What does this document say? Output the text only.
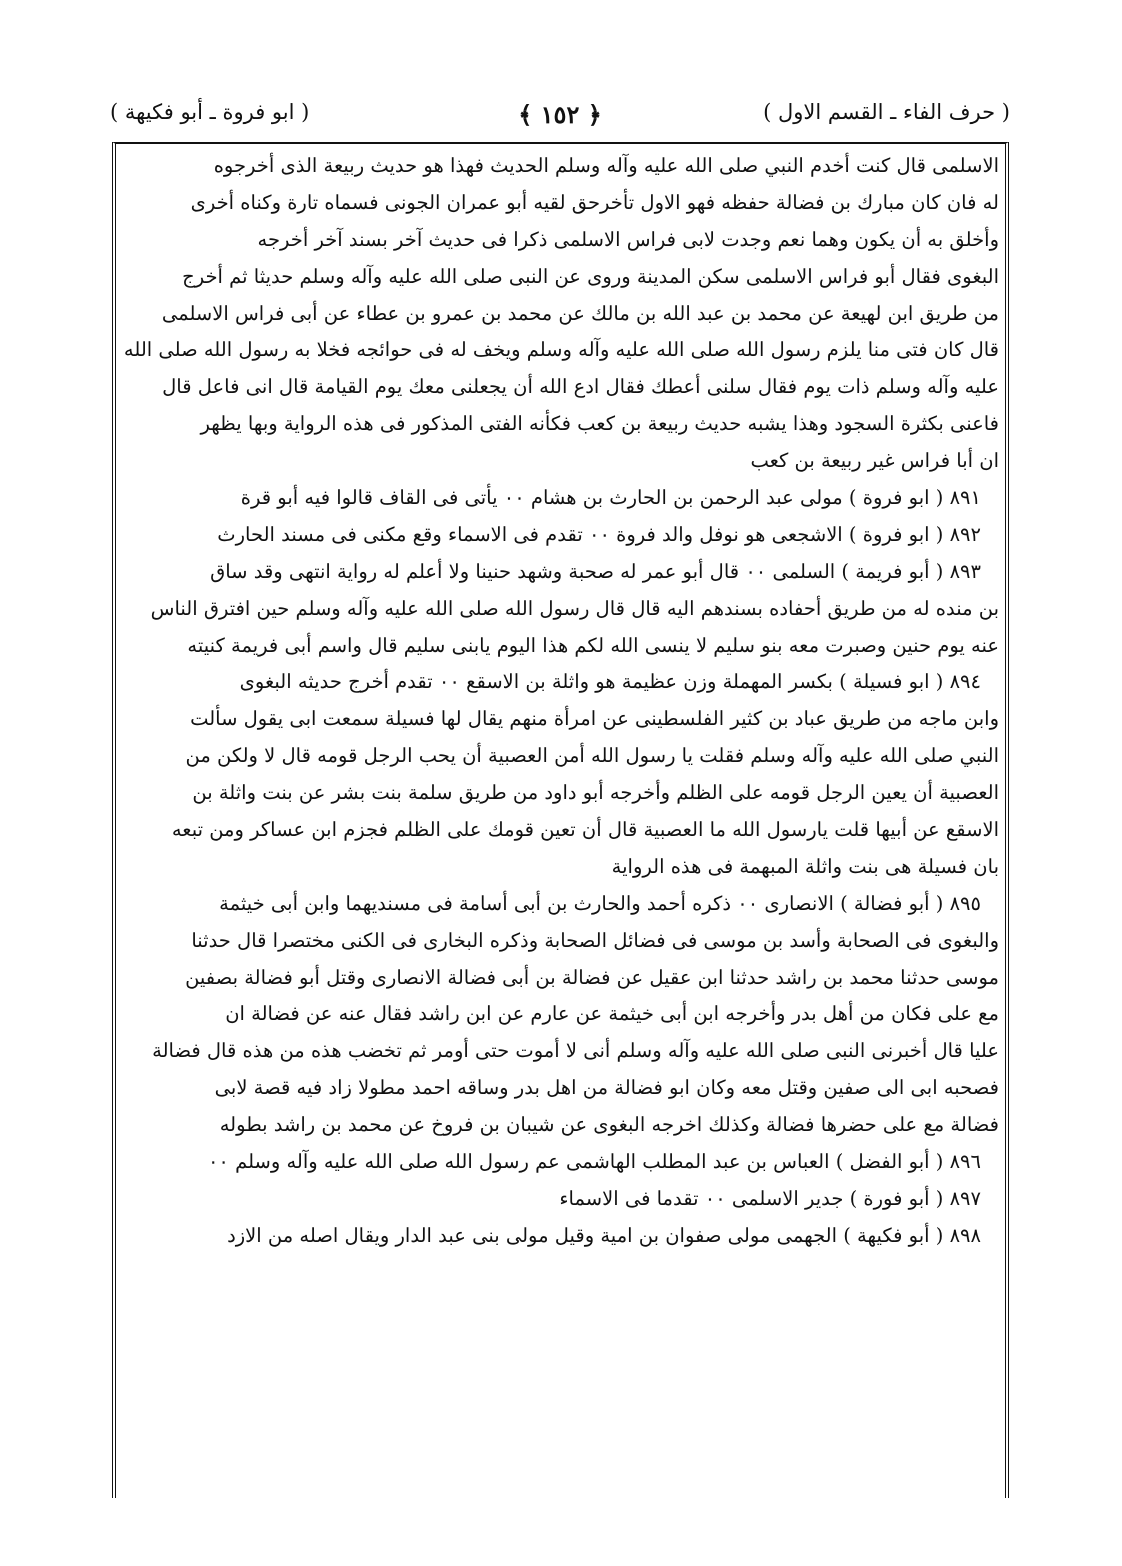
( حرف الفاء ـ القسم الاول )
﴿ ١٥٢ ﴾
( ابو فروة ـ أبو فكيهة )
الاسلمى قال كنت أخدم النبي صلى الله عليه وآله وسلم الحديث فهذا هو حديث ربيعة الذى أخرجوه
له فان كان مبارك بن فضالة حفظه فهو الاول تأخرحق لقيه أبو عمران الجونى فسماه تارة وكناه أخرى
وأخلق به أن يكون وهما نعم وجدت لابى فراس الاسلمى ذكرا فى حديث آخر بسند آخر أخرجه
البغوى فقال أبو فراس الاسلمى سكن المدينة وروى عن النبى صلى الله عليه وآله وسلم حديثا ثم أخرج
من طريق ابن لهيعة عن محمد بن عبد الله بن مالك عن محمد بن عمرو بن عطاء عن أبى فراس الاسلمى
قال كان فتى منا يلزم رسول الله صلى الله عليه وآله وسلم ويخف له فى حوائجه فخلا به رسول الله صلى الله
عليه وآله وسلم ذات يوم فقال سلنى أعطك فقال ادع الله أن يجعلنى معك يوم القيامة قال انى فاعل قال
فاعنى بكثرة السجود وهذا يشبه حديث ربيعة بن كعب فكأنه الفتى المذكور فى هذه الرواية وبها يظهر
ان أبا فراس غير ربيعة بن كعب
٨٩١ ( ابو فروة ) مولى عبد الرحمن بن الحارث بن هشام ٠٠ يأتى فى القاف قالوا فيه أبو قرة
٨٩٢ ( ابو فروة ) الاشجعى هو نوفل والد فروة ٠٠ تقدم فى الاسماء وقع مكنى فى مسند الحارث
٨٩٣ ( أبو فريمة ) السلمى ٠٠ قال أبو عمر له صحبة وشهد حنينا ولا أعلم له رواية انتهى وقد ساق
بن منده له من طريق أحفاده بسندهم اليه قال قال رسول الله صلى الله عليه وآله وسلم حين افترق الناس
عنه يوم حنين وصبرت معه بنو سليم لا ينسى الله لكم هذا اليوم يابنى سليم قال واسم أبى فريمة كنيته
٨٩٤ ( ابو فسيلة ) بكسر المهملة وزن عظيمة هو واثلة بن الاسقع ٠٠ تقدم أخرج حديثه البغوى
وابن ماجه من طريق عباد بن كثير الفلسطينى عن امرأة منهم يقال لها فسيلة سمعت ابى يقول سألت
النبي صلى الله عليه وآله وسلم فقلت يا رسول الله أمن العصبية أن يحب الرجل قومه قال لا ولكن من
العصبية أن يعين الرجل قومه على الظلم وأخرجه أبو داود من طريق سلمة بنت بشر عن بنت واثلة بن
الاسقع عن أبيها قلت يارسول الله ما العصبية قال أن تعين قومك على الظلم فجزم ابن عساكر ومن تبعه
بان فسيلة هى بنت واثلة المبهمة فى هذه الرواية
٨٩٥ ( أبو فضالة ) الانصارى ٠٠ ذكره أحمد والحارث بن أبى أسامة فى مسنديهما وابن أبى خيثمة
والبغوى فى الصحابة وأسد بن موسى فى فضائل الصحابة وذكره البخارى فى الكنى مختصرا قال حدثنا
موسى حدثنا محمد بن راشد حدثنا ابن عقيل عن فضالة بن أبى فضالة الانصارى وقتل أبو فضالة بصفين
مع على فكان من أهل بدر وأخرجه ابن أبى خيثمة عن عارم عن ابن راشد فقال عنه عن فضالة ان
عليا قال أخبرنى النبى صلى الله عليه وآله وسلم أنى لا أموت حتى أومر ثم تخضب هذه من هذه قال فضالة
فصحبه ابى الى صفين وقتل معه وكان ابو فضالة من اهل بدر وساقه احمد مطولا زاد فيه قصة لابى
فضالة مع على حضرها فضالة وكذلك اخرجه البغوى عن شيبان بن فروخ عن محمد بن راشد بطوله
٨٩٦ ( أبو الفضل ) العباس بن عبد المطلب الهاشمى عم رسول الله صلى الله عليه وآله وسلم ٠٠
٨٩٧ ( أبو فورة ) جدير الاسلمى ٠٠ تقدما فى الاسماء
٨٩٨ ( أبو فكيهة ) الجهمى مولى صفوان بن امية وقيل مولى بنى عبد الدار ويقال اصله من الازد
